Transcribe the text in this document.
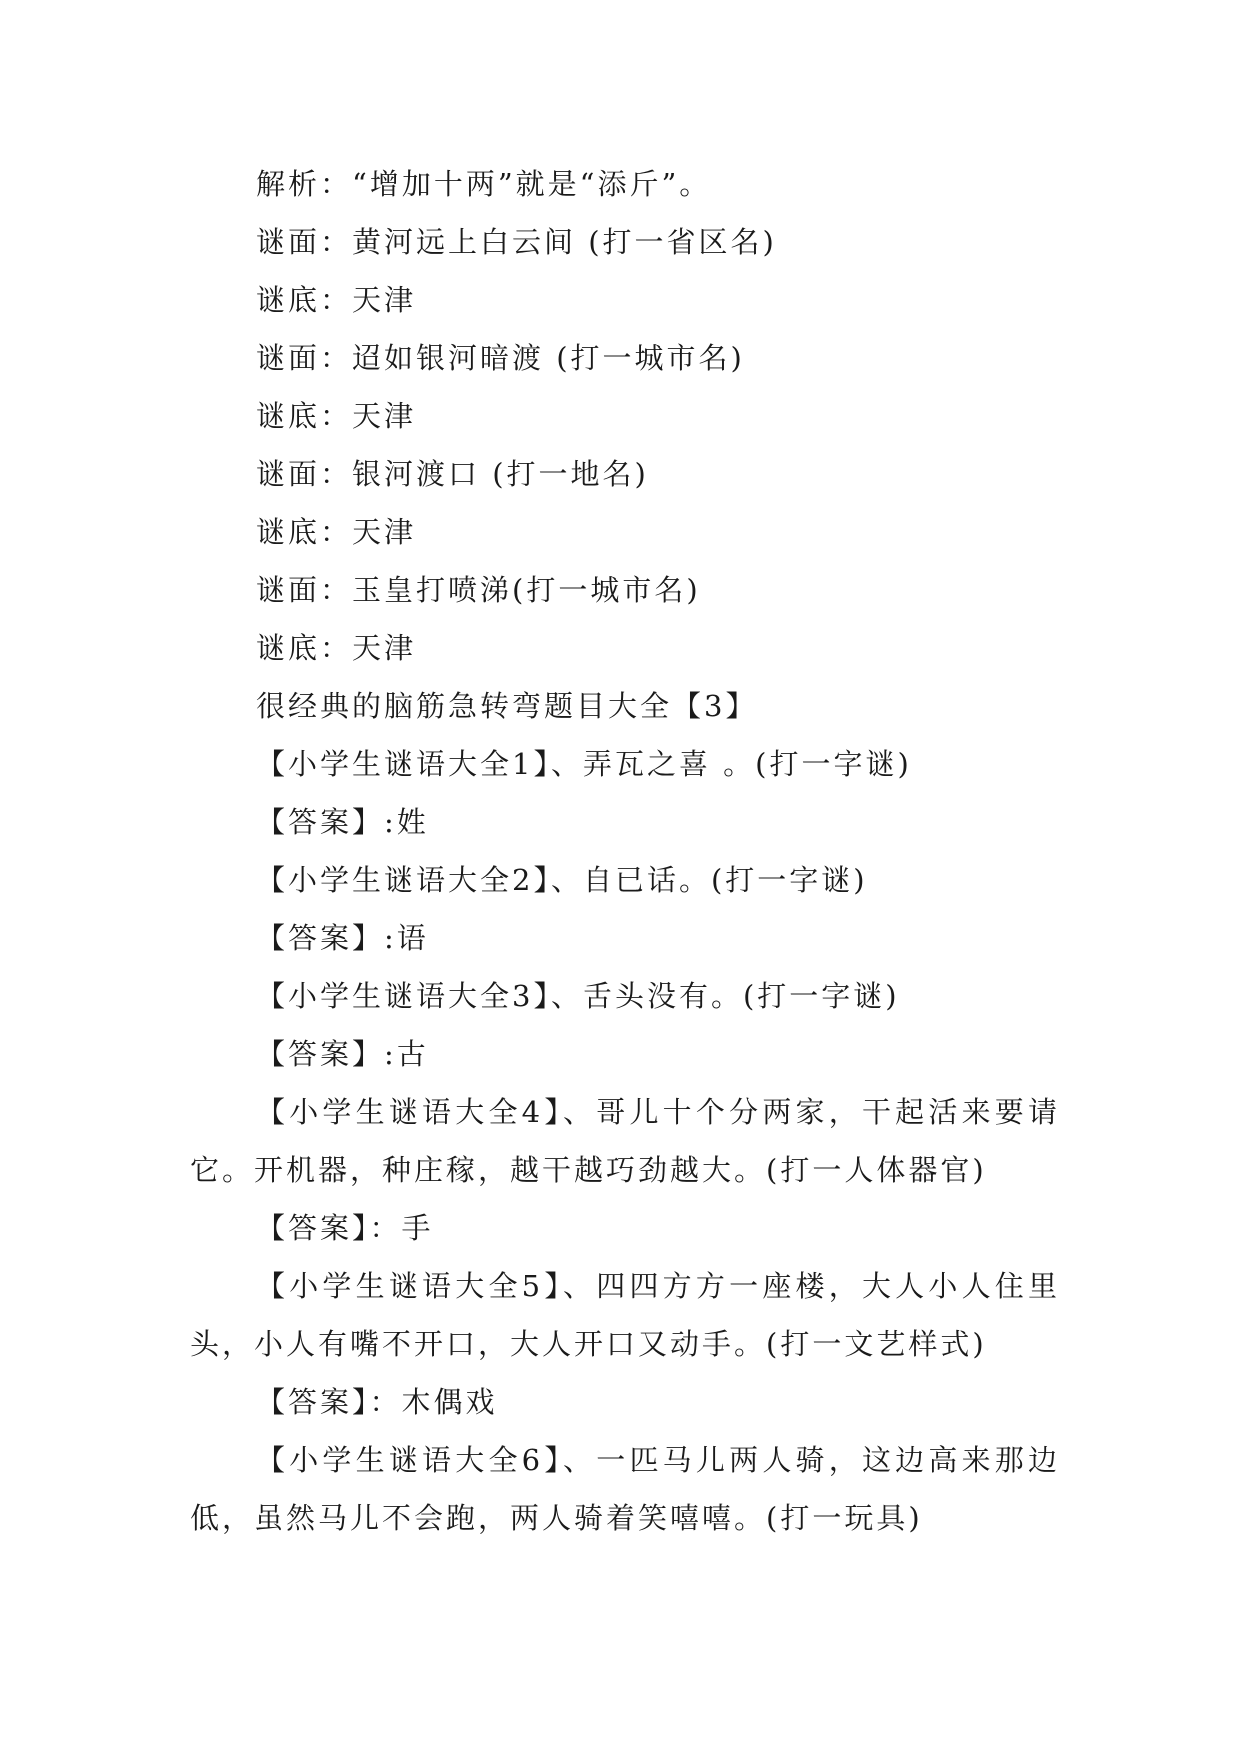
解析：“增加十两”就是“添斤”。

谜面：黄河远上白云间 (打一省区名)

谜底：天津

谜面：迢如银河暗渡 (打一城市名)

谜底：天津

谜面：银河渡口 (打一地名)

谜底：天津

谜面：玉皇打喷涕(打一城市名)

谜底：天津

很经典的脑筋急转弯题目大全【3】

【小学生谜语大全1】、弄瓦之喜 。(打一字谜)

【答案】:姓

【小学生谜语大全2】、自已话。(打一字谜)

【答案】:语

【小学生谜语大全3】、舌头没有。(打一字谜)

【答案】:古

【小学生谜语大全4】、哥儿十个分两家，干起活来要请它。开机器，种庄稼，越干越巧劲越大。(打一人体器官)

【答案】：手

【小学生谜语大全5】、四四方方一座楼，大人小人住里头，小人有嘴不开口，大人开口又动手。(打一文艺样式)

【答案】：木偶戏

【小学生谜语大全6】、一匹马儿两人骑，这边高来那边低，虽然马儿不会跑，两人骑着笑嘻嘻。(打一玩具)
